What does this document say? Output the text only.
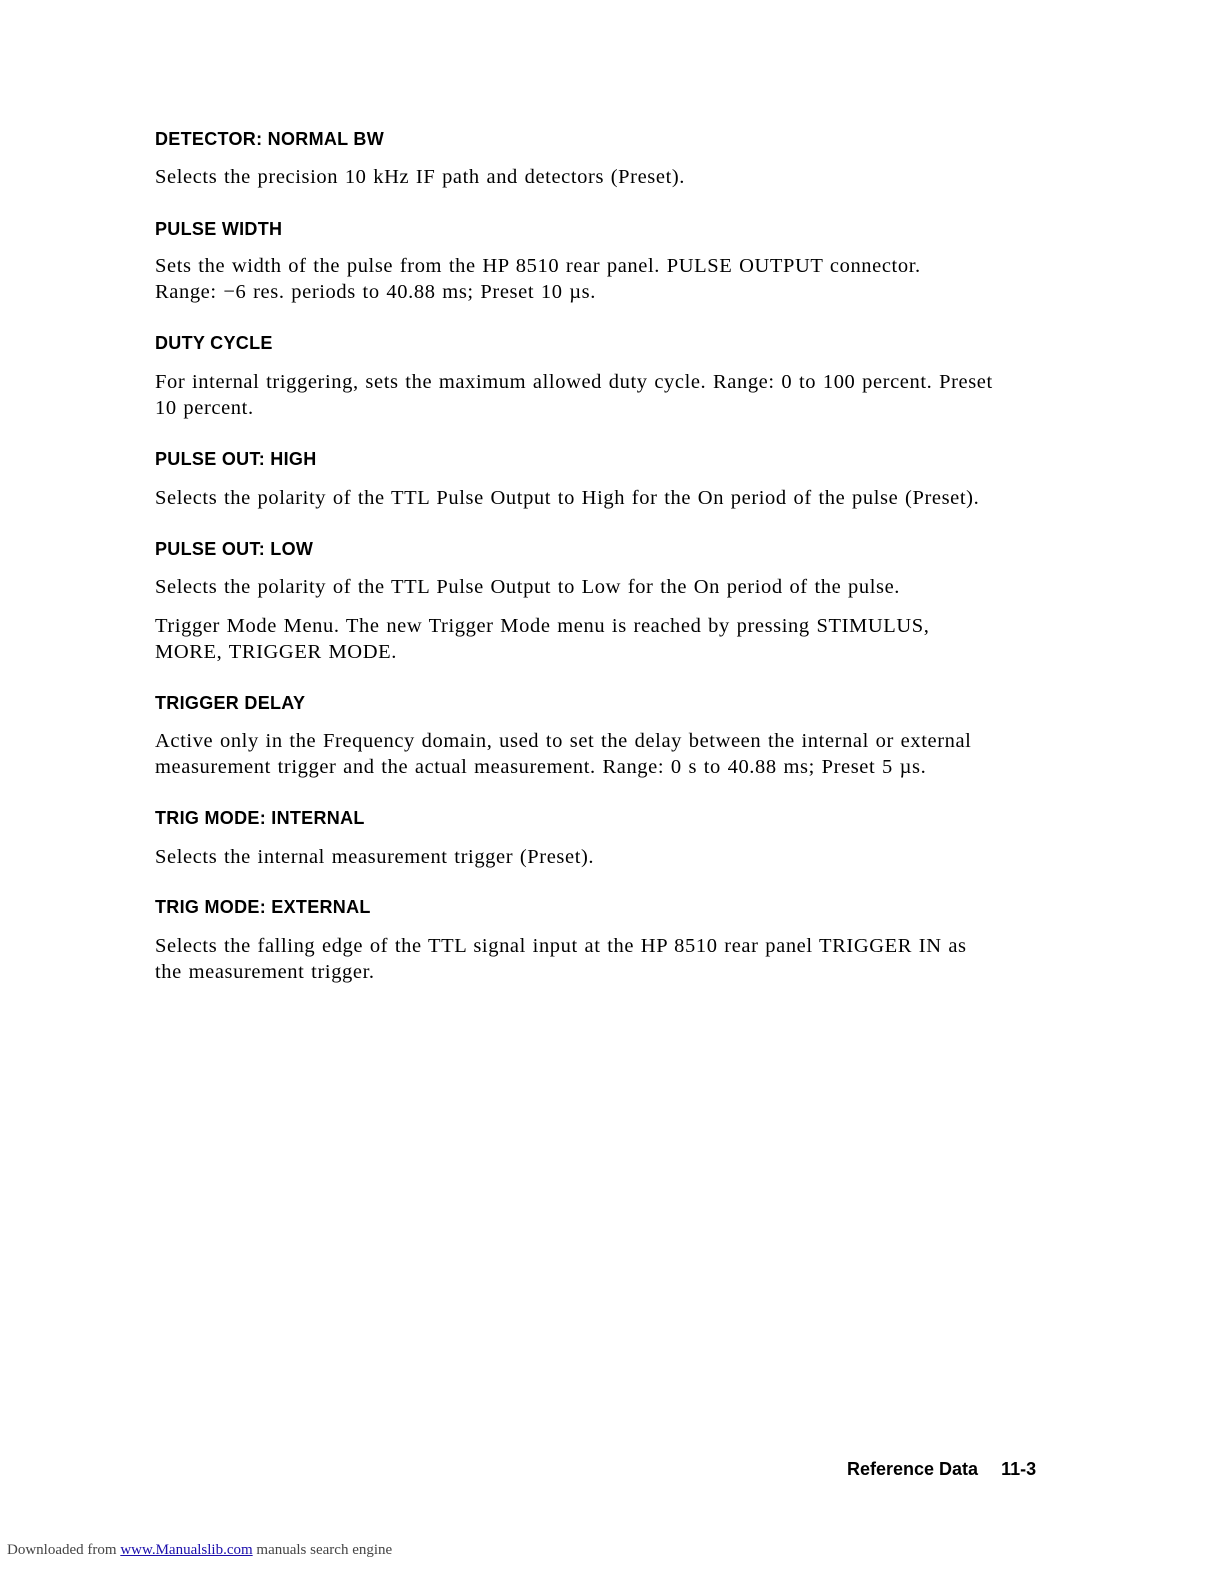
DETECTOR: NORMAL BW

Selects the precision 10 kHz IF path and detectors (Preset).

PULSE WIDTH

Sets the width of the pulse from the HP 8510 rear panel. PULSE OUTPUT connector.
Range: −6 res. periods to 40.88 ms; Preset 10 µs.

DUTY CYCLE

For internal triggering, sets the maximum allowed duty cycle. Range: 0 to 100 percent. Preset
10 percent.

PULSE OUT: HIGH

Selects the polarity of the TTL Pulse Output to High for the On period of the pulse (Preset).

PULSE OUT: LOW

Selects the polarity of the TTL Pulse Output to Low for the On period of the pulse.

Trigger Mode Menu. The new Trigger Mode menu is reached by pressing STIMULUS,
MORE, TRIGGER MODE.

TRIGGER DELAY

Active only in the Frequency domain, used to set the delay between the internal or external
measurement trigger and the actual measurement. Range: 0 s to 40.88 ms; Preset 5 µs.

TRIG MODE: INTERNAL

Selects the internal measurement trigger (Preset).

TRIG MODE: EXTERNAL

Selects the falling edge of the TTL signal input at the HP 8510 rear panel TRIGGER IN as
the measurement trigger.

Reference Data 11-3
Downloaded from www.Manualslib.com manuals search engine
